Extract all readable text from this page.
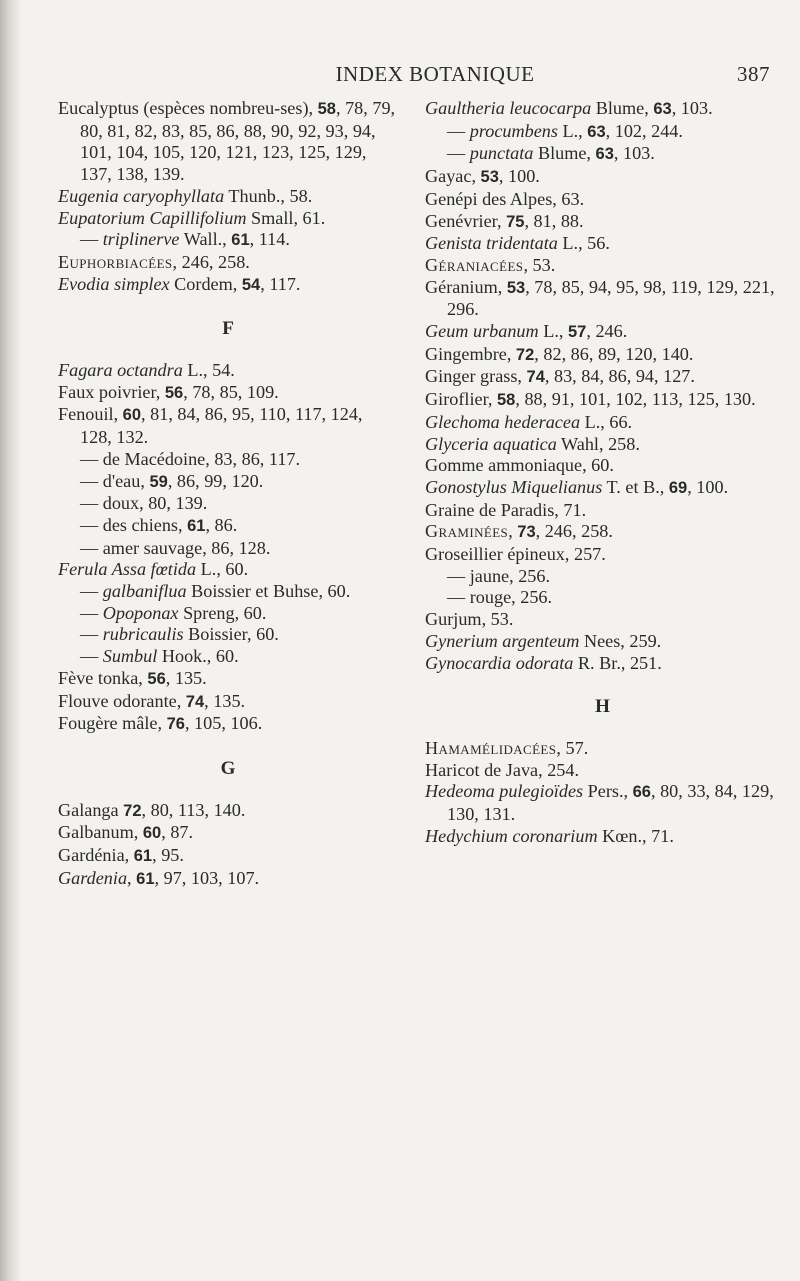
INDEX BOTANIQUE	387
Eucalyptus (espèces nombreu-ses), 58, 78, 79, 80, 81, 82, 83, 85, 86, 88, 90, 92, 93, 94, 101, 104, 105, 120, 121, 123, 125, 129, 137, 138, 139.
Eugenia caryophyllata Thunb., 58.
Eupatorium Capillifolium Small, 61.
— triplinerve Wall., 61, 114.
Euphorbiacées, 246, 258.
Evodia simplex Cordem, 54, 117.
F
Fagara octandra L., 54.
Faux poivrier, 56, 78, 85, 109.
Fenouil, 60, 81, 84, 86, 95, 110, 117, 124, 128, 132.
— de Macédoine, 83, 86, 117.
— d'eau, 59, 86, 99, 120.
— doux, 80, 139.
— des chiens, 61, 86.
— amer sauvage, 86, 128.
Ferula Assa fœtida L., 60.
— galbaniflua Boissier et Buhse, 60.
— Opoponax Spreng, 60.
— rubricaulis Boissier, 60.
— Sumbul Hook., 60.
Fève tonka, 56, 135.
Flouve odorante, 74, 135.
Fougère mâle, 76, 105, 106.
G
Galanga 72, 80, 113, 140.
Galbanum, 60, 87.
Gardénia, 61, 95.
Gardenia, 61, 97, 103, 107.
Gaultheria leucocarpa Blume, 63, 103.
— procumbens L., 63, 102, 244.
— punctata Blume, 63, 103.
Gayac, 53, 100.
Genépi des Alpes, 63.
Genévrier, 75, 81, 88.
Genista tridentata L., 56.
Géraniacées, 53.
Géranium, 53, 78, 85, 94, 95, 98, 119, 129, 221, 296.
Geum urbanum L., 57, 246.
Gingembre, 72, 82, 86, 89, 120, 140.
Ginger grass, 74, 83, 84, 86, 94, 127.
Giroflier, 58, 88, 91, 101, 102, 113, 125, 130.
Glechoma hederacea L., 66.
Glyceria aquatica Wahl, 258.
Gomme ammoniaque, 60.
Gonostylus Miquelianus T. et B., 69, 100.
Graine de Paradis, 71.
Graminées, 73, 246, 258.
Groseillier épineux, 257.
— jaune, 256.
— rouge, 256.
Gurjum, 53.
Gynerium argenteum Nees, 259.
Gynocardia odorata R. Br., 251.
H
Hamamélidacées, 57.
Haricot de Java, 254.
Hedeoma pulegioïdes Pers., 66, 80, 33, 84, 129, 130, 131.
Hedychium coronarium Kœn., 71.
